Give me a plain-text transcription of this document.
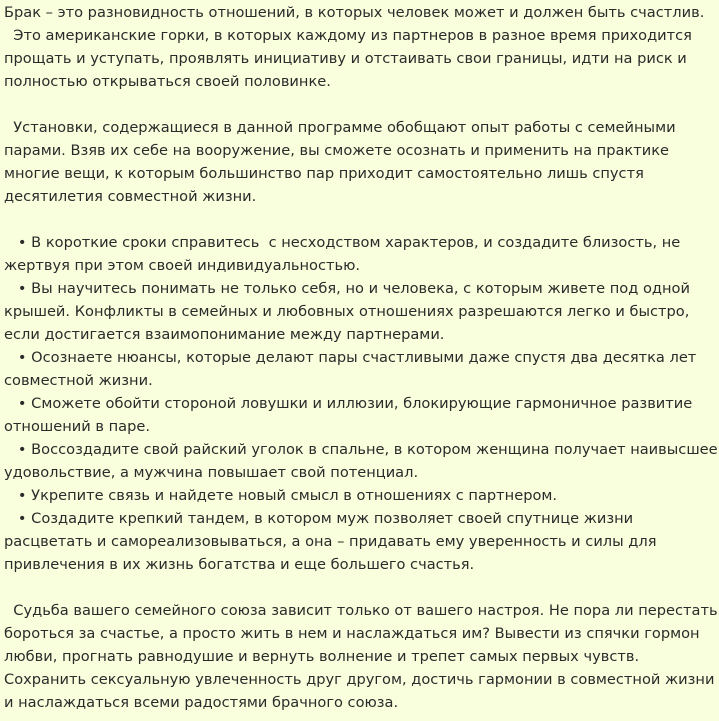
Брак – это разновидность отношений, в которых человек может и должен быть счастлив.
Это американские горки, в которых каждому из партнеров в разное время приходится прощать и уступать, проявлять инициативу и отстаивать свои границы, идти на риск и полностью открываться своей половинке.

Установки, содержащиеся в данной программе обобщают опыт работы с семейными парами. Взяв их себе на вооружение, вы сможете осознать и применить на практике многие вещи, к которым большинство пар приходит самостоятельно лишь спустя десятилетия совместной жизни.

• В короткие сроки справитесь  с несходством характеров, и создадите близость, не жертвуя при этом своей индивидуальностью.
• Вы научитесь понимать не только себя, но и человека, с которым живете под одной крышей. Конфликты в семейных и любовных отношениях разрешаются легко и быстро, если достигается взаимопонимание между партнерами.
• Осознаете нюансы, которые делают пары счастливыми даже спустя два десятка лет совместной жизни.
• Сможете обойти стороной ловушки и иллюзии, блокирующие гармоничное развитие отношений в паре.
• Воссоздадите свой райский уголок в спальне, в котором женщина получает наивысшее удовольствие, а мужчина повышает свой потенциал.
• Укрепите связь и найдете новый смысл в отношениях с партнером.
• Создадите крепкий тандем, в котором муж позволяет своей спутнице жизни расцветать и самореализовываться, а она – придавать ему уверенность и силы для привлечения в их жизнь богатства и еще большего счастья.

Судьба вашего семейного союза зависит только от вашего настроя. Не пора ли перестать бороться за счастье, а просто жить в нем и наслаждаться им? Вывести из спячки гормон любви, прогнать равнодушие и вернуть волнение и трепет самых первых чувств. Сохранить сексуальную увлеченность друг другом, достичь гармонии в совместной жизни и наслаждаться всеми радостями брачного союза.
